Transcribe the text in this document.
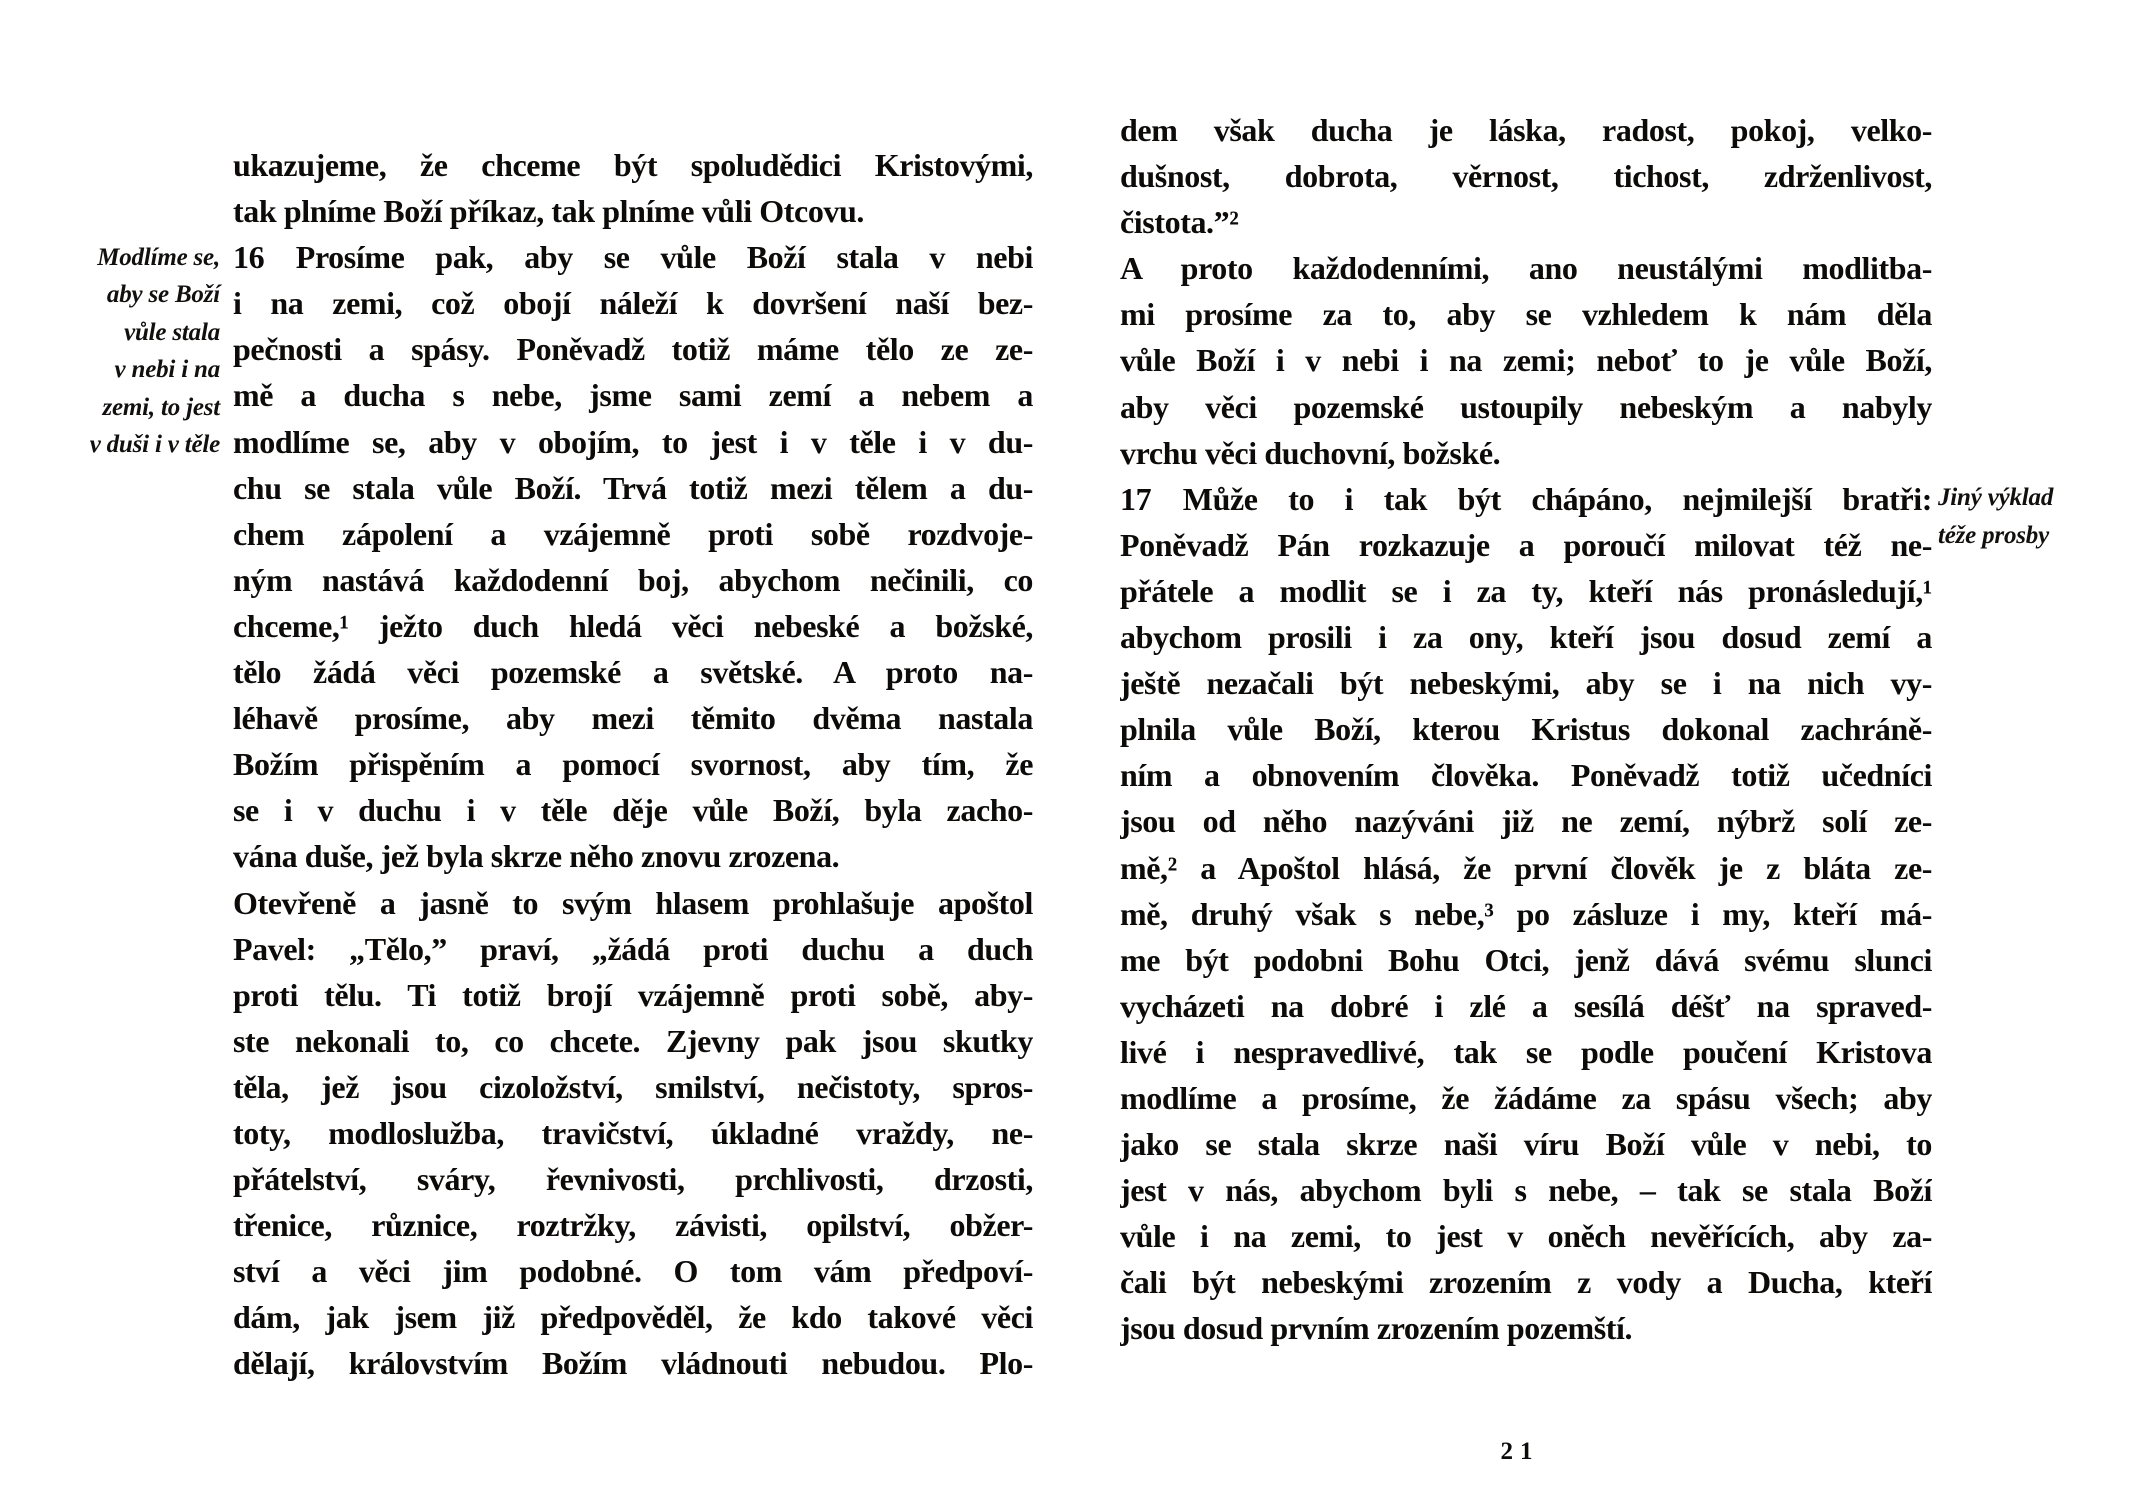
Modlíme se,
aby se Boží
vůle stala
v nebi i na
zemi, to jest
v duši i v těle
ukazujeme, že chceme být spoludědici Kristovými,
tak plníme Boží příkaz, tak plníme vůli Otcovu.
16 Prosíme pak, aby se vůle Boží stala v nebi
i na zemi, což obojí náleží k dovršení naší bez-
pečnosti a spásy. Poněvadž totiž máme tělo ze ze-
mě a ducha s nebe, jsme sami zemí a nebem a
modlíme se, aby v obojím, to jest i v těle i v du-
chu se stala vůle Boží. Trvá totiž mezi tělem a du-
chem zápolení a vzájemně proti sobě rozdvoje-
ným nastává každodenní boj, abychom nečinili, co
chceme,¹ ježto duch hledá věci nebeské a božské,
tělo žádá věci pozemské a světské. A proto na-
léhavě prosíme, aby mezi těmito dvěma nastala
Božím přispěním a pomocí svornost, aby tím, že
se i v duchu i v těle děje vůle Boží, byla zacho-
vána duše, jež byla skrze něho znovu zrozena.
Otevřeně a jasně to svým hlasem prohlašuje apoštol
Pavel: „Tělo,” praví, „žádá proti duchu a duch
proti tělu. Ti totiž brojí vzájemně proti sobě, aby-
ste nekonali to, co chcete. Zjevny pak jsou skutky
těla, jež jsou cizoložství, smilství, nečistoty, spros-
toty, modloslužba, travičství, úkladné vraždy, ne-
přátelství, sváry, řevnivosti, prchlivosti, drzosti,
třenice, různice, roztržky, závisti, opilství, obžer-
ství a věci jim podobné. O tom vám předpoví-
dám, jak jsem již předpověděl, že kdo takové věci
dělají, královstvím Božím vládnouti nebudou. Plo-
dem však ducha je láska, radost, pokoj, velko-
dušnost, dobrota, věrnost, tichost, zdrženlivost,
čistota.”²
A proto každodenními, ano neustálými modlitba-
mi prosíme za to, aby se vzhledem k nám děla
vůle Boží i v nebi i na zemi; neboť to je vůle Boží,
aby věci pozemské ustoupily nebeským a nabyly
vrchu věci duchovní, božské.
17 Může to i tak být chápáno, nejmilejší bratři:
Poněvadž Pán rozkazuje a poroučí milovat též ne-
přátele a modlit se i za ty, kteří nás pronásledují,¹
abychom prosili i za ony, kteří jsou dosud zemí a
ještě nezačali být nebeskými, aby se i na nich vy-
plnila vůle Boží, kterou Kristus dokonal zachráně-
ním a obnovením člověka. Poněvadž totiž učedníci
jsou od něho nazýváni již ne zemí, nýbrž solí ze-
mě,² a Apoštol hlásá, že první člověk je z bláta ze-
mě, druhý však s nebe,³ po zásluze i my, kteří má-
me být podobni Bohu Otci, jenž dává svému slunci
vycházeti na dobré i zlé a sesílá déšť na spraved-
livé i nespravedlivé, tak se podle poučení Kristova
modlíme a prosíme, že žádáme za spásu všech; aby
jako se stala skrze naši víru Boží vůle v nebi, to
jest v nás, abychom byli s nebe, – tak se stala Boží
vůle i na zemi, to jest v oněch nevěřících, aby za-
čali být nebeskými zrozením z vody a Ducha, kteří
jsou dosud prvním zrozením pozemští.
Jiný výklad
téže prosby
21
